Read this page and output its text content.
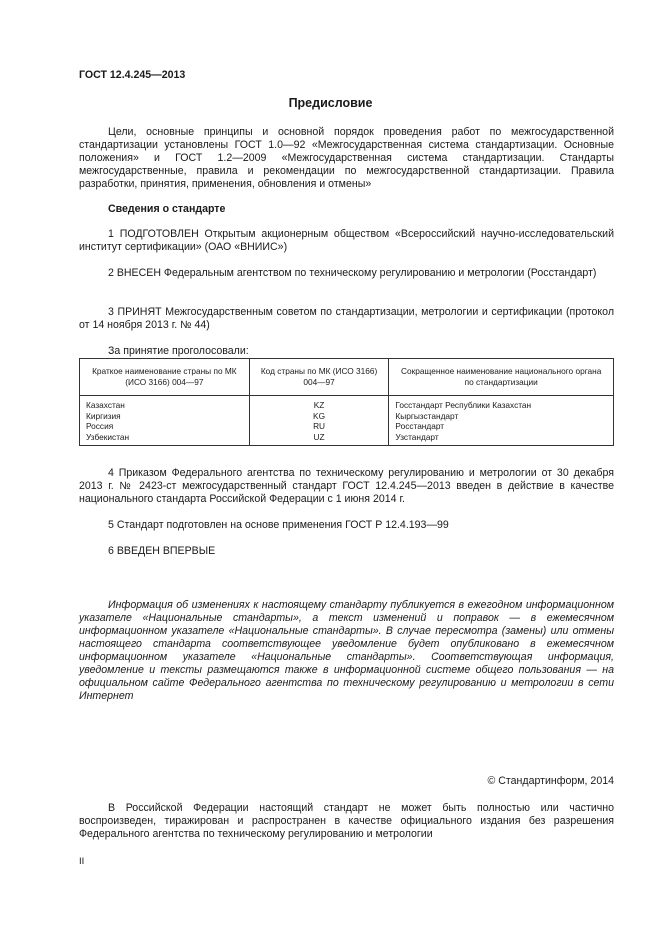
ГОСТ 12.4.245—2013
Предисловие
Цели, основные принципы и основной порядок проведения работ по межгосударственной стандартизации установлены ГОСТ 1.0—92 «Межгосударственная система стандартизации. Основные положения» и ГОСТ 1.2—2009 «Межгосударственная система стандартизации. Стандарты межгосударственные, правила и рекомендации по межгосударственной стандартизации. Правила разработки, принятия, применения, обновления и отмены»
Сведения о стандарте
1 ПОДГОТОВЛЕН Открытым акционерным обществом «Всероссийский научно-исследовательский институт сертификации» (ОАО «ВНИИС»)
2 ВНЕСЕН Федеральным агентством по техническому регулированию и метрологии (Росстандарт)
3 ПРИНЯТ Межгосударственным советом по стандартизации, метрологии и сертификации (протокол от 14 ноября 2013 г. № 44)
За принятие проголосовали:
Краткое наименование страны по МК (ИСО 3166) 004—97	Код страны по МК (ИСО 3166) 004—97	Сокращенное наименование национального органа по стандартизации
Казахстан	KZ	Госстандарт Республики Казахстан
Киргизия	KG	Кыргызстандарт
Россия	RU	Росстандарт
Узбекистан	UZ	Узстандарт
4 Приказом Федерального агентства по техническому регулированию и метрологии от 30 декабря 2013 г. № 2423-ст межгосударственный стандарт ГОСТ 12.4.245—2013 введен в действие в качестве национального стандарта Российской Федерации с 1 июня 2014 г.
5 Стандарт подготовлен на основе применения ГОСТ Р 12.4.193—99
6 ВВЕДЕН ВПЕРВЫЕ
Информация об изменениях к настоящему стандарту публикуется в ежегодном информационном указателе «Национальные стандарты», а текст изменений и поправок — в ежемесячном информационном указателе «Национальные стандарты». В случае пересмотра (замены) или отмены настоящего стандарта соответствующее уведомление будет опубликовано в ежемесячном информационном указателе «Национальные стандарты». Соответствующая информация, уведомление и тексты размещаются также в информационной системе общего пользования — на официальном сайте Федерального агентства по техническому регулированию и метрологии в сети Интернет
© Стандартинформ, 2014
В Российской Федерации настоящий стандарт не может быть полностью или частично воспроизведен, тиражирован и распространен в качестве официального издания без разрешения Федерального агентства по техническому регулированию и метрологии
II
